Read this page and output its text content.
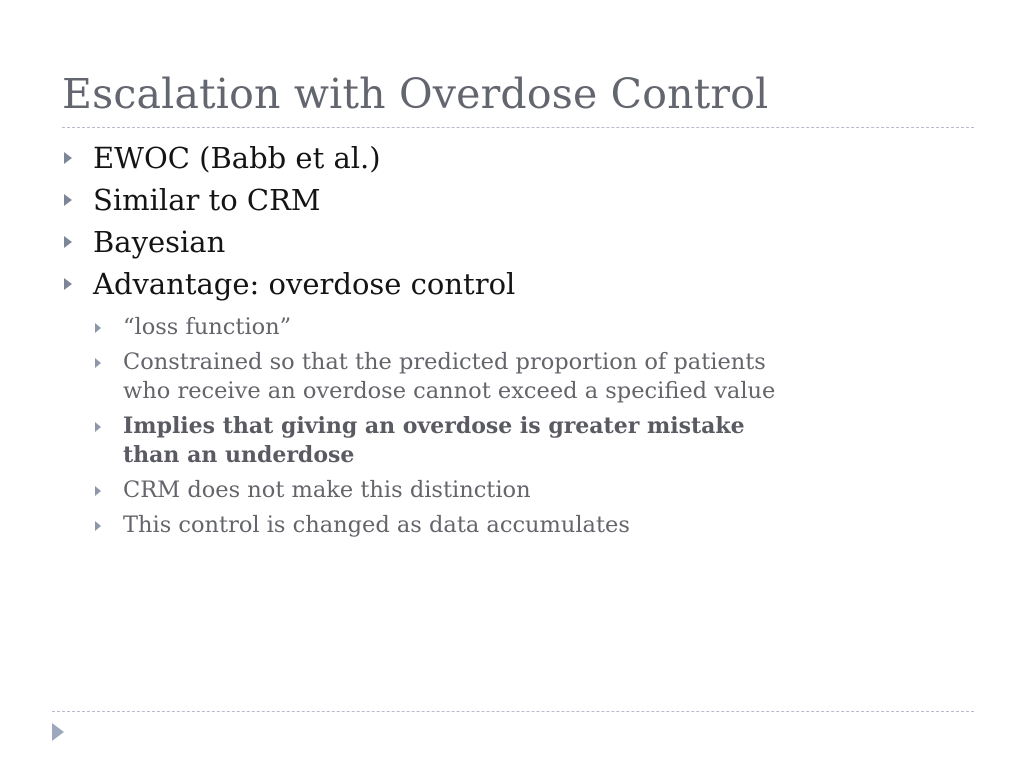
Escalation with Overdose Control
EWOC (Babb et al.)
Similar to CRM
Bayesian
Advantage: overdose control
“loss function”
Constrained so that the predicted proportion of patients
who receive an overdose cannot exceed a specified value
Implies that giving an overdose is greater mistake
than an underdose
CRM does not make this distinction
This control is changed as data accumulates
